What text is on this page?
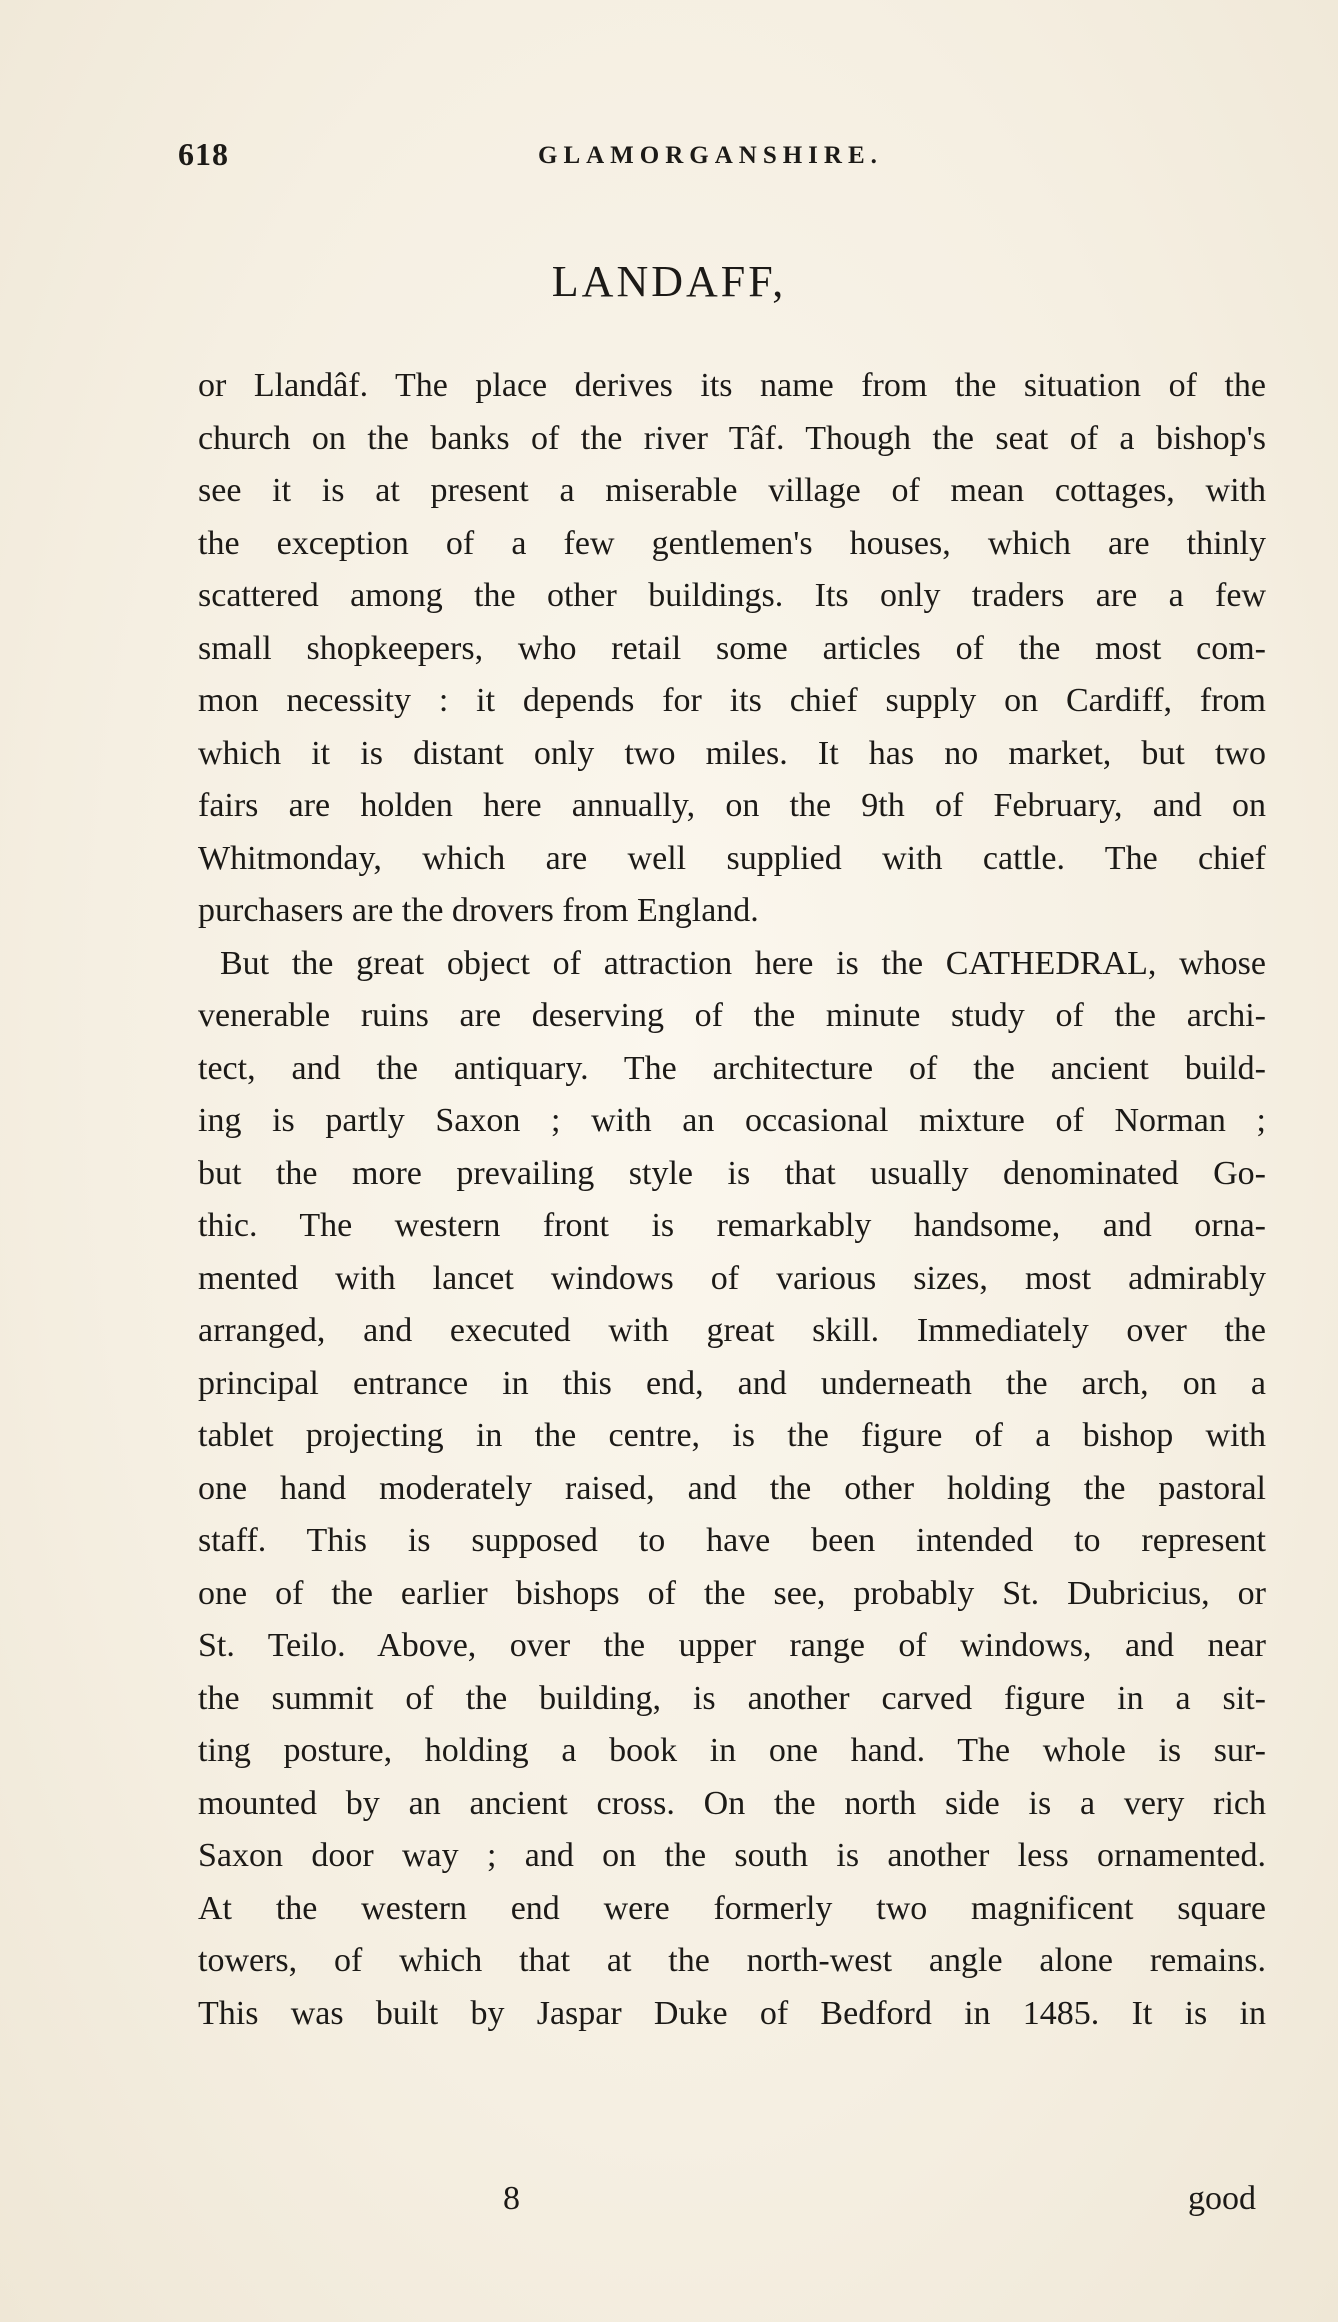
618	GLAMORGANSHIRE.
LANDAFF,
or Llandâf. The place derives its name from the situation of the
church on the banks of the river Tâf. Though the seat of a bishop's
see it is at present a miserable village of mean cottages, with
the exception of a few gentlemen's houses, which are thinly
scattered among the other buildings. Its only traders are a few
small shopkeepers, who retail some articles of the most com-
mon necessity : it depends for its chief supply on Cardiff, from
which it is distant only two miles. It has no market, but two
fairs are holden here annually, on the 9th of February, and on
Whitmonday, which are well supplied with cattle. The chief
purchasers are the drovers from England.
But the great object of attraction here is the CATHEDRAL, whose
venerable ruins are deserving of the minute study of the archi-
tect, and the antiquary. The architecture of the ancient build-
ing is partly Saxon ; with an occasional mixture of Norman ;
but the more prevailing style is that usually denominated Go-
thic. The western front is remarkably handsome, and orna-
mented with lancet windows of various sizes, most admirably
arranged, and executed with great skill. Immediately over the
principal entrance in this end, and underneath the arch, on a
tablet projecting in the centre, is the figure of a bishop with
one hand moderately raised, and the other holding the pastoral
staff. This is supposed to have been intended to represent
one of the earlier bishops of the see, probably St. Dubricius, or
St. Teilo. Above, over the upper range of windows, and near
the summit of the building, is another carved figure in a sit-
ting posture, holding a book in one hand. The whole is sur-
mounted by an ancient cross. On the north side is a very rich
Saxon door way ; and on the south is another less ornamented.
At the western end were formerly two magnificent square
towers, of which that at the north-west angle alone remains.
This was built by Jaspar Duke of Bedford in 1485. It is in
8	good
